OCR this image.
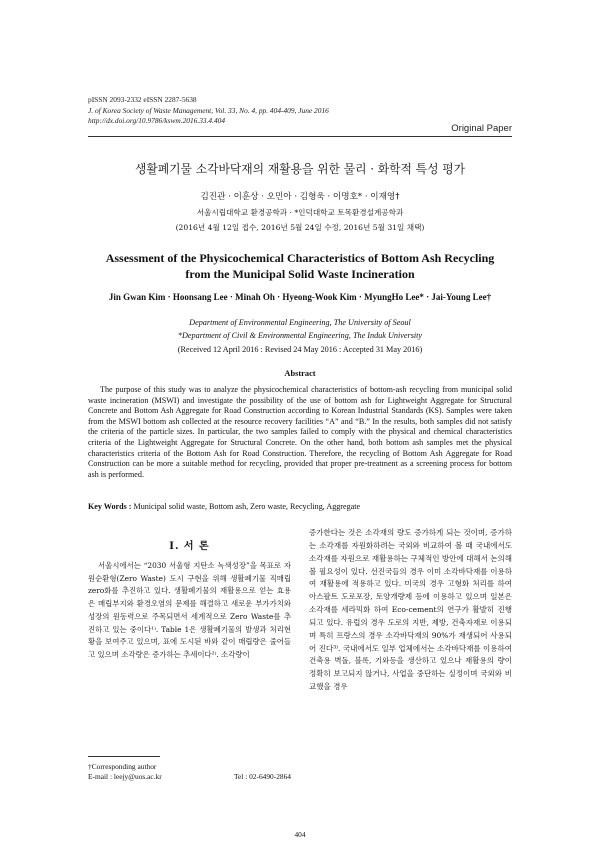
pISSN 2093-2332 eISSN 2287-5638
J. of Korea Society of Waste Management, Vol. 33, No. 4, pp. 404-409, June 2016
http://dx.doi.org/10.9786/kswm.2016.33.4.404
Original Paper
생활폐기물 소각바닥재의 재활용을 위한 물리 · 화학적 특성 평가
김진관 · 이훈상 · 오민아 · 김형욱 · 이명호* · 이재영†
서울시립대학교 환경공학과 · *인덕대학교 토목환경설계공학과
(2016년 4월 12일 접수, 2016년 5월 24일 수정, 2016년 5월 31일 채택)
Assessment of the Physicochemical Characteristics of Bottom Ash Recycling
from the Municipal Solid Waste Incineration
Jin Gwan Kim · Hoonsang Lee · Minah Oh · Hyeong-Wook Kim · MyungHo Lee* · Jai-Young Lee†
Department of Environmental Engineering, The University of Seoul
*Department of Civil & Environmental Engineering, The Induk University
(Received 12 April 2016 : Revised 24 May 2016 : Accepted 31 May 2016)
Abstract
The purpose of this study was to analyze the physicochemical characteristics of bottom-ash recycling from municipal solid waste incineration (MSWI) and investigate the possibility of the use of bottom ash for Lightweight Aggregate for Structural Concrete and Bottom Ash Aggregate for Road Construction according to Korean Industrial Standards (KS). Samples were taken from the MSWI bottom ash collected at the resource recovery facilities “A” and “B.” In the results, both samples did not satisfy the criteria of the particle sizes. In particular, the two samples failed to comply with the physical and chemical characteristics criteria of the Lightweight Aggregate for Structural Concrete. On the other hand, both bottom ash samples met the physical characteristics criteria of the Bottom Ash for Road Construction. Therefore, the recycling of Bottom Ash Aggregate for Road Construction can be more a suitable method for recycling, provided that proper pre-treatment as a screening process for bottom ash is performed.
Key Words : Municipal solid waste, Bottom ash, Zero waste, Recycling, Aggregate
I. 서 론
서울시에서는 “2030 서울형 지탄소 녹색성장”을 목표로 자원순환형(Zero Waste) 도시 구현을 위해 생활폐기물 직매립 zero화를 추진하고 있다. 생활폐기물의 재활용으로 얻는 효용은 매립부지와 환경오염의 문제를 해결하고 새로운 부가가치와 성장의 원동력으로 주목되면서 세계적으로 Zero Waste를 추진하고 있는 중이다¹⁾. Table 1은 생활폐기물의 발생과 처리현황을 보여주고 있으며, 표에 도시된 바와 같이 매립량은 줄어들고 있으며 소각량은 증가하는 추세이다²⁾. 소각량이
증가한다는 것은 소각재의 량도 증가하게 되는 것이며, 증가하는 소각재를 자원화하려는 국외와 비교하여 볼 때 국내에서도 소각재를 자원으로 재활용하는 구체적인 방안에 대해서 논의해볼 필요성이 있다. 선진국들의 경우 이미 소각바닥재를 이용하여 재활용에 적용하고 있다. 미국의 경우 고형화 처리를 하여 아스팔트 도로포장, 토양개량제 등에 이용하고 있으며 일본은 소각재를 세라믹화 하여 Eco-cement의 연구가 활발히 진행되고 있다. 유럽의 경우 도로의 지반, 제방, 건축자재로 이용되며 특히 프랑스의 경우 소각바닥재의 90%가 재생되어 사용되어 진다³⁾. 국내에서도 일부 업체에서는 소각바닥재를 이용하여 건축용 벽돌, 블록, 기와등을 생산하고 있으나 재활용의 량이 정확히 보고되지 않거나, 사업을 중단하는 실정이며 국외와 비교했을 경우
†Corresponding author
E-mail : leejy@uos.ac.kr	Tel : 02-6490-2864
404
